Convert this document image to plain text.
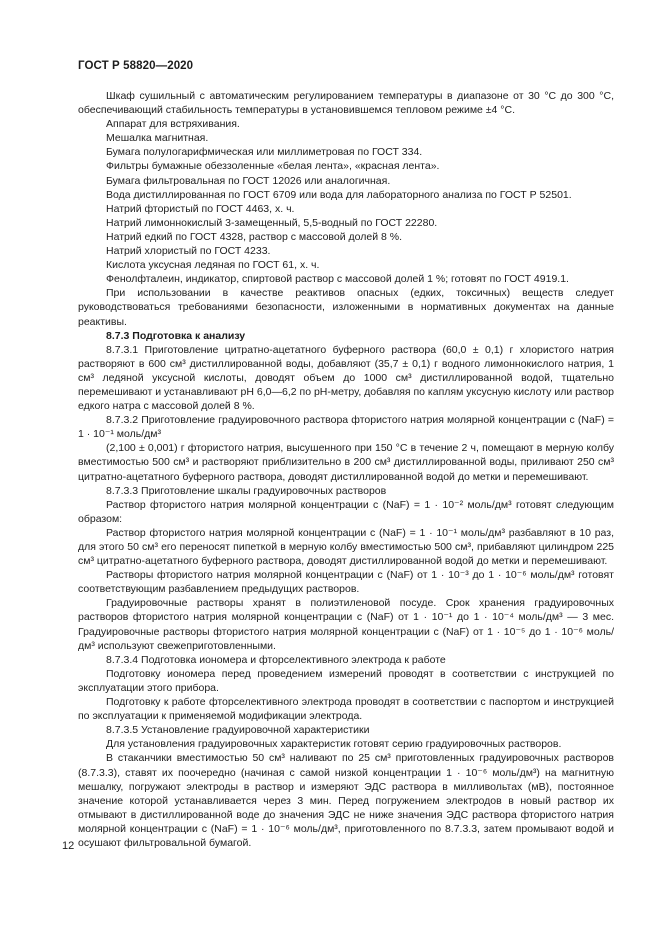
ГОСТ Р 58820—2020

Шкаф сушильный с автоматическим регулированием температуры в диапазоне от 30 °C до 300 °C, обеспечивающий стабильность температуры в установившемся тепловом режиме ±4 °C.

Аппарат для встряхивания.

Мешалка магнитная.

Бумага полулогарифмическая или миллиметровая по ГОСТ 334.

Фильтры бумажные обеззоленные «белая лента», «красная лента».

Бумага фильтровальная по ГОСТ 12026 или аналогичная.

Вода дистиллированная по ГОСТ 6709 или вода для лабораторного анализа по ГОСТ Р 52501.

Натрий фтористый по ГОСТ 4463, х. ч.

Натрий лимоннокислый 3-замещенный, 5,5-водный по ГОСТ 22280.

Натрий едкий по ГОСТ 4328, раствор с массовой долей 8 %.

Натрий хлористый по ГОСТ 4233.

Кислота уксусная ледяная по ГОСТ 61, х. ч.

Фенолфталеин, индикатор, спиртовой раствор с массовой долей 1 %; готовят по ГОСТ 4919.1.

При использовании в качестве реактивов опасных (едких, токсичных) веществ следует руководствоваться требованиями безопасности, изложенными в нормативных документах на данные реактивы.

8.7.3 Подготовка к анализу

8.7.3.1 Приготовление цитратно-ацетатного буферного раствора (60,0 ± 0,1) г хлористого натрия растворяют в 600 см³ дистиллированной воды, добавляют (35,7 ± 0,1) г водного лимоннокислого натрия, 1 см³ ледяной уксусной кислоты, доводят объем до 1000 см³ дистиллированной водой, тщательно перемешивают и устанавливают pH 6,0—6,2 по pH-метру, добавляя по каплям уксусную кислоту или раствор едкого натра с массовой долей 8 %.

8.7.3.2 Приготовление градуировочного раствора фтористого натрия молярной концентрации c (NaF) = 1 · 10⁻¹ моль/дм³

(2,100 ± 0,001) г фтористого натрия, высушенного при 150 °C в течение 2 ч, помещают в мерную колбу вместимостью 500 см³ и растворяют приблизительно в 200 см³ дистиллированной воды, приливают 250 см³ цитратно-ацетатного буферного раствора, доводят дистиллированной водой до метки и перемешивают.

8.7.3.3 Приготовление шкалы градуировочных растворов

Раствор фтористого натрия молярной концентрации c (NaF) = 1 · 10⁻² моль/дм³ готовят следующим образом:

Раствор фтористого натрия молярной концентрации c (NaF) = 1 · 10⁻¹ моль/дм³ разбавляют в 10 раз, для этого 50 см³ его переносят пипеткой в мерную колбу вместимостью 500 см³, прибавляют цилиндром 225 см³ цитратно-ацетатного буферного раствора, доводят дистиллированной водой до метки и перемешивают.

Растворы фтористого натрия молярной концентрации c (NaF) от 1 · 10⁻³ до 1 · 10⁻⁶ моль/дм³ готовят соответствующим разбавлением предыдущих растворов.

Градуировочные растворы хранят в полиэтиленовой посуде. Срок хранения градуировочных растворов фтористого натрия молярной концентрации c (NaF) от 1 · 10⁻¹ до 1 · 10⁻⁴ моль/дм³ — 3 мес. Градуировочные растворы фтористого натрия молярной концентрации c (NaF) от 1 · 10⁻⁵ до 1 · 10⁻⁶ моль/дм³ используют свежеприготовленными.

8.7.3.4 Подготовка иономера и фторселективного электрода к работе

Подготовку иономера перед проведением измерений проводят в соответствии с инструкцией по эксплуатации этого прибора.

Подготовку к работе фторселективного электрода проводят в соответствии с паспортом и инструкцией по эксплуатации к применяемой модификации электрода.

8.7.3.5 Установление градуировочной характеристики

Для установления градуировочных характеристик готовят серию градуировочных растворов.

В стаканчики вместимостью 50 см³ наливают по 25 см³ приготовленных градуировочных растворов (8.7.3.3), ставят их поочередно (начиная с самой низкой концентрации 1 · 10⁻⁶ моль/дм³) на магнитную мешалку, погружают электроды в раствор и измеряют ЭДС раствора в милливольтах (мВ), постоянное значение которой устанавливается через 3 мин. Перед погружением электродов в новый раствор их отмывают в дистиллированной воде до значения ЭДС не ниже значения ЭДС раствора фтористого натрия молярной концентрации c (NaF) = 1 · 10⁻⁶ моль/дм³, приготовленного по 8.7.3.3, затем промывают водой и осушают фильтровальной бумагой.

12
